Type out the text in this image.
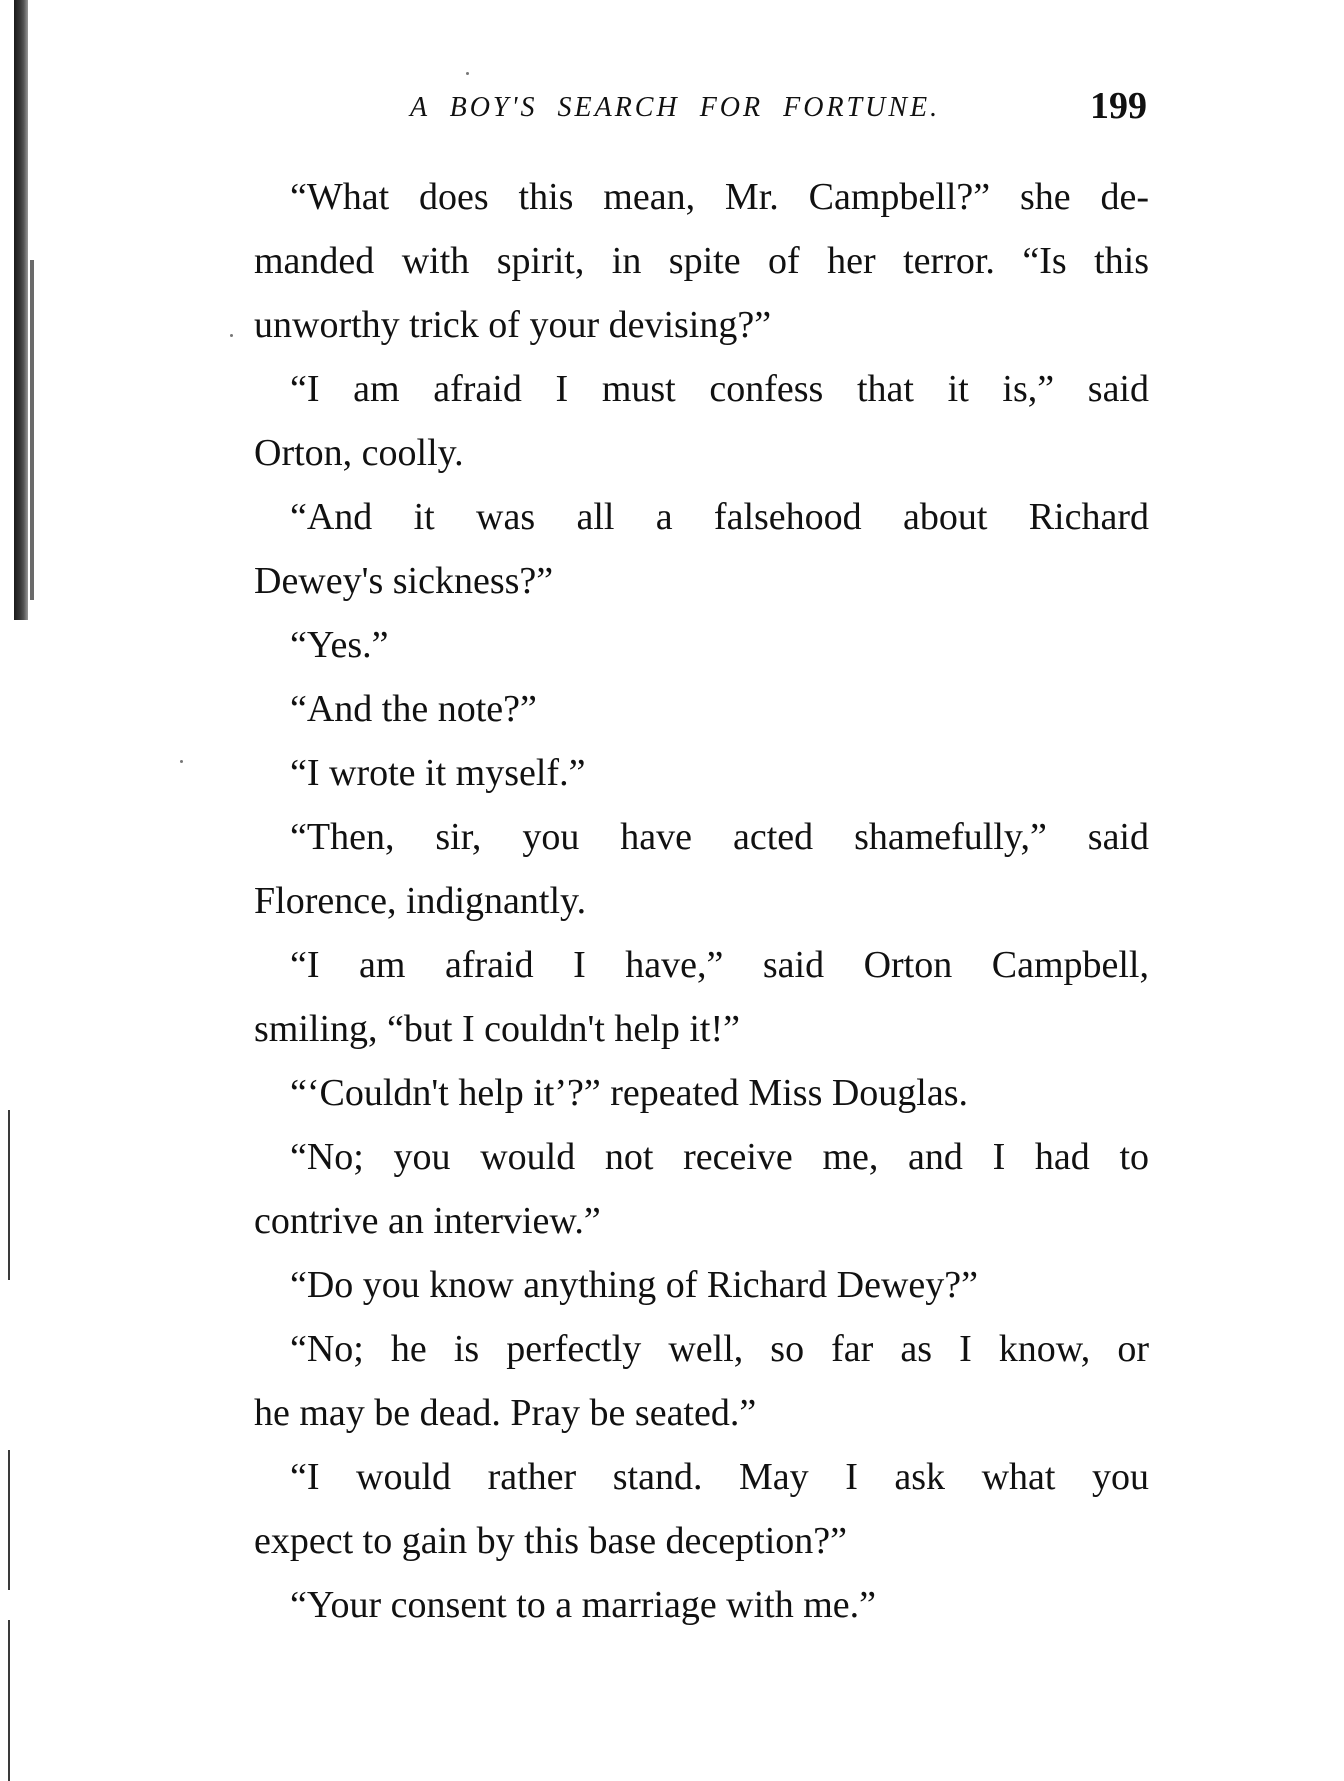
A BOY'S SEARCH FOR FORTUNE.	199
“What does this mean, Mr. Campbell?” she de-
manded with spirit, in spite of her terror. “Is this
unworthy trick of your devising?”
“I am afraid I must confess that it is,” said
Orton, coolly.
“And it was all a falsehood about Richard
Dewey's sickness?”
“Yes.”
“And the note?”
“I wrote it myself.”
“Then, sir, you have acted shamefully,” said
Florence, indignantly.
“I am afraid I have,” said Orton Campbell,
smiling, “but I couldn't help it!”
“‘Couldn't help it’?” repeated Miss Douglas.
“No; you would not receive me, and I had to
contrive an interview.”
“Do you know anything of Richard Dewey?”
“No; he is perfectly well, so far as I know, or
he may be dead. Pray be seated.”
“I would rather stand. May I ask what you
expect to gain by this base deception?”
“Your consent to a marriage with me.”
